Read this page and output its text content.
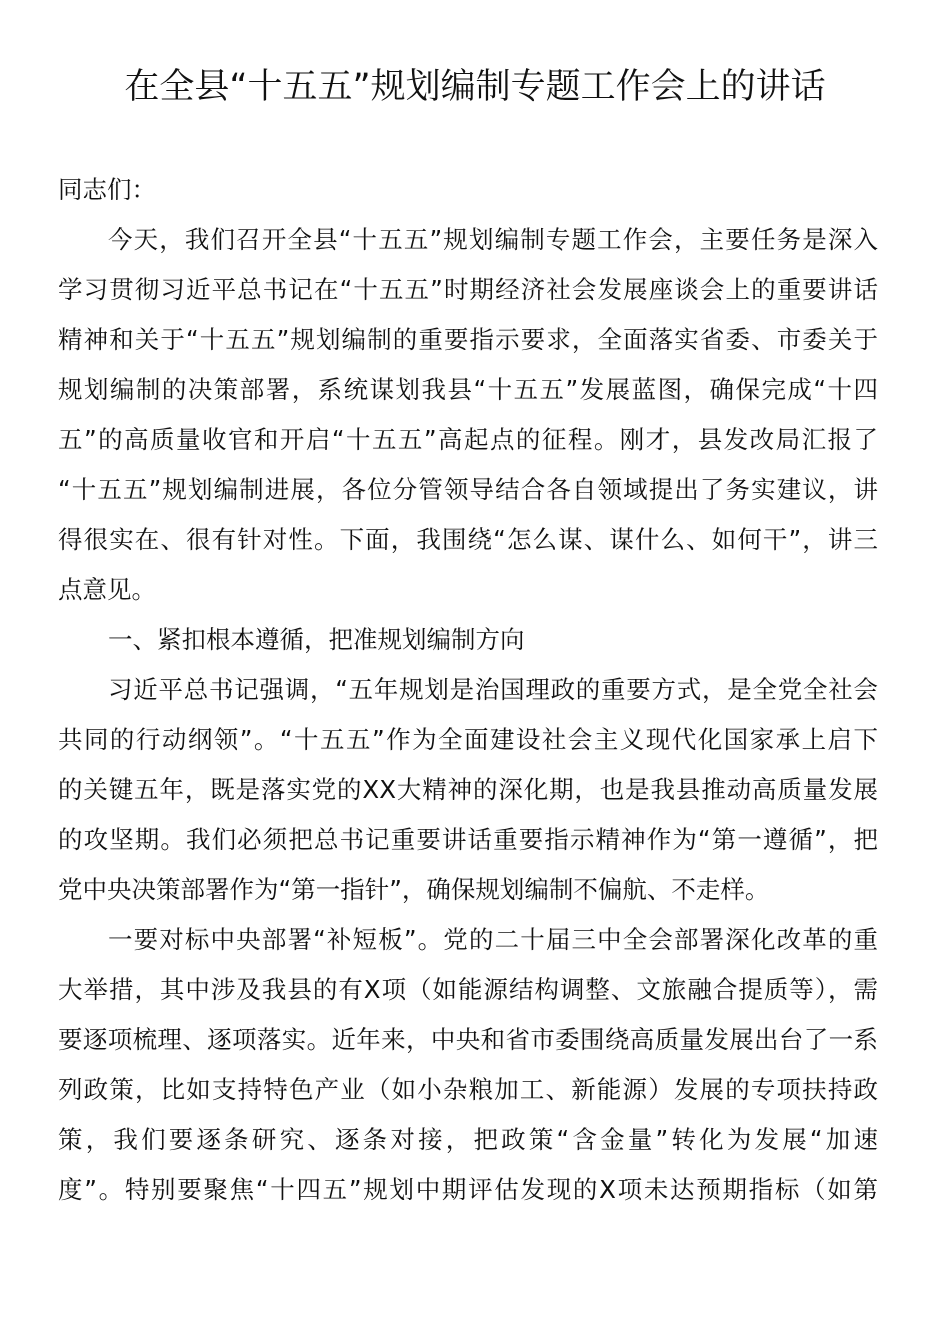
在全县“十五五”规划编制专题工作会上的讲话
同志们：
今天，我们召开全县“十五五”规划编制专题工作会，主要任务是深入
学习贯彻习近平总书记在“十五五”时期经济社会发展座谈会上的重要讲话
精神和关于“十五五”规划编制的重要指示要求，全面落实省委、市委关于
规划编制的决策部署，系统谋划我县“十五五”发展蓝图，确保完成“十四
五”的高质量收官和开启“十五五”高起点的征程。刚才，县发改局汇报了
“十五五”规划编制进展，各位分管领导结合各自领域提出了务实建议，讲
得很实在、很有针对性。下面，我围绕“怎么谋、谋什么、如何干”，讲三
点意见。
一、紧扣根本遵循，把准规划编制方向
习近平总书记强调，“五年规划是治国理政的重要方式，是全党全社会
共同的行动纲领”。“十五五”作为全面建设社会主义现代化国家承上启下
的关键五年，既是落实党的XX大精神的深化期，也是我县推动高质量发展
的攻坚期。我们必须把总书记重要讲话重要指示精神作为“第一遵循”，把
党中央决策部署作为“第一指针”，确保规划编制不偏航、不走样。
一要对标中央部署“补短板”。党的二十届三中全会部署深化改革的重
大举措，其中涉及我县的有X项（如能源结构调整、文旅融合提质等），需
要逐项梳理、逐项落实。近年来，中央和省市委围绕高质量发展出台了一系
列政策，比如支持特色产业（如小杂粮加工、新能源）发展的专项扶持政
策，我们要逐条研究、逐条对接，把政策“含金量”转化为发展“加速
度”。特别要聚焦“十四五”规划中期评估发现的X项未达预期指标（如第
